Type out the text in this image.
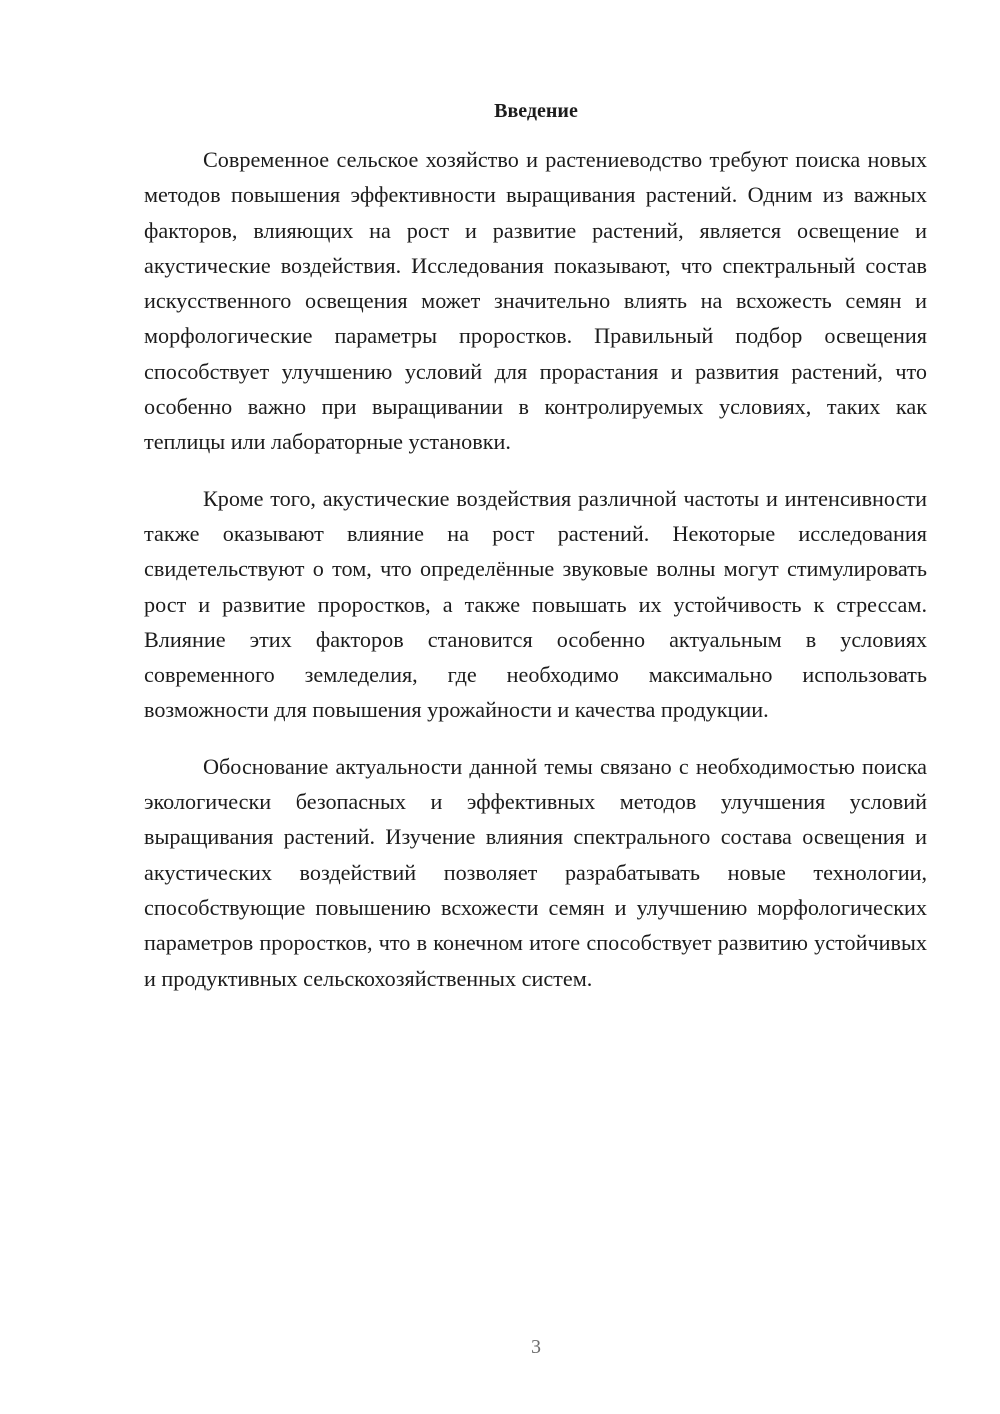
Введение

Современное сельское хозяйство и растениеводство требуют поиска новых методов повышения эффективности выращивания растений. Одним из важных факторов, влияющих на рост и развитие растений, является освещение и акустические воздействия. Исследования показывают, что спектральный состав искусственного освещения может значительно влиять на всхожесть семян и морфологические параметры проростков. Правильный подбор освещения способствует улучшению условий для прорастания и развития растений, что особенно важно при выращивании в контролируемых условиях, таких как теплицы или лабораторные установки.

Кроме того, акустические воздействия различной частоты и интенсивности также оказывают влияние на рост растений. Некоторые исследования свидетельствуют о том, что определённые звуковые волны могут стимулировать рост и развитие проростков, а также повышать их устойчивость к стрессам. Влияние этих факторов становится особенно актуальным в условиях современного земледелия, где необходимо максимально использовать возможности для повышения урожайности и качества продукции.

Обоснование актуальности данной темы связано с необходимостью поиска экологически безопасных и эффективных методов улучшения условий выращивания растений. Изучение влияния спектрального состава освещения и акустических воздействий позволяет разрабатывать новые технологии, способствующие повышению всхожести семян и улучшению морфологических параметров проростков, что в конечном итоге способствует развитию устойчивых и продуктивных сельскохозяйственных систем.

3
